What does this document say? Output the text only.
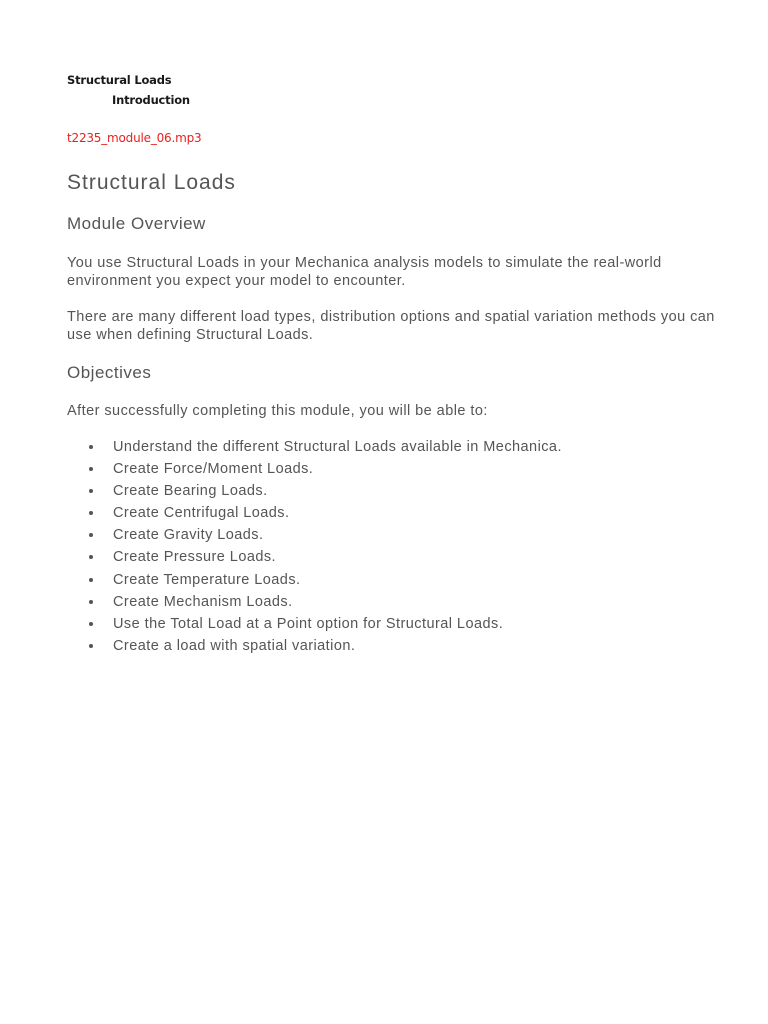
Structural Loads
Introduction
t2235_module_06.mp3
Structural Loads
Module Overview

You use Structural Loads in your Mechanica analysis models to simulate the real-world environment you expect your model to encounter.

There are many different load types, distribution options and spatial variation methods you can use when defining Structural Loads.

Objectives

After successfully completing this module, you will be able to:

Understand the different Structural Loads available in Mechanica.
Create Force/Moment Loads.
Create Bearing Loads.
Create Centrifugal Loads.
Create Gravity Loads.
Create Pressure Loads.
Create Temperature Loads.
Create Mechanism Loads.
Use the Total Load at a Point option for Structural Loads.
Create a load with spatial variation.
